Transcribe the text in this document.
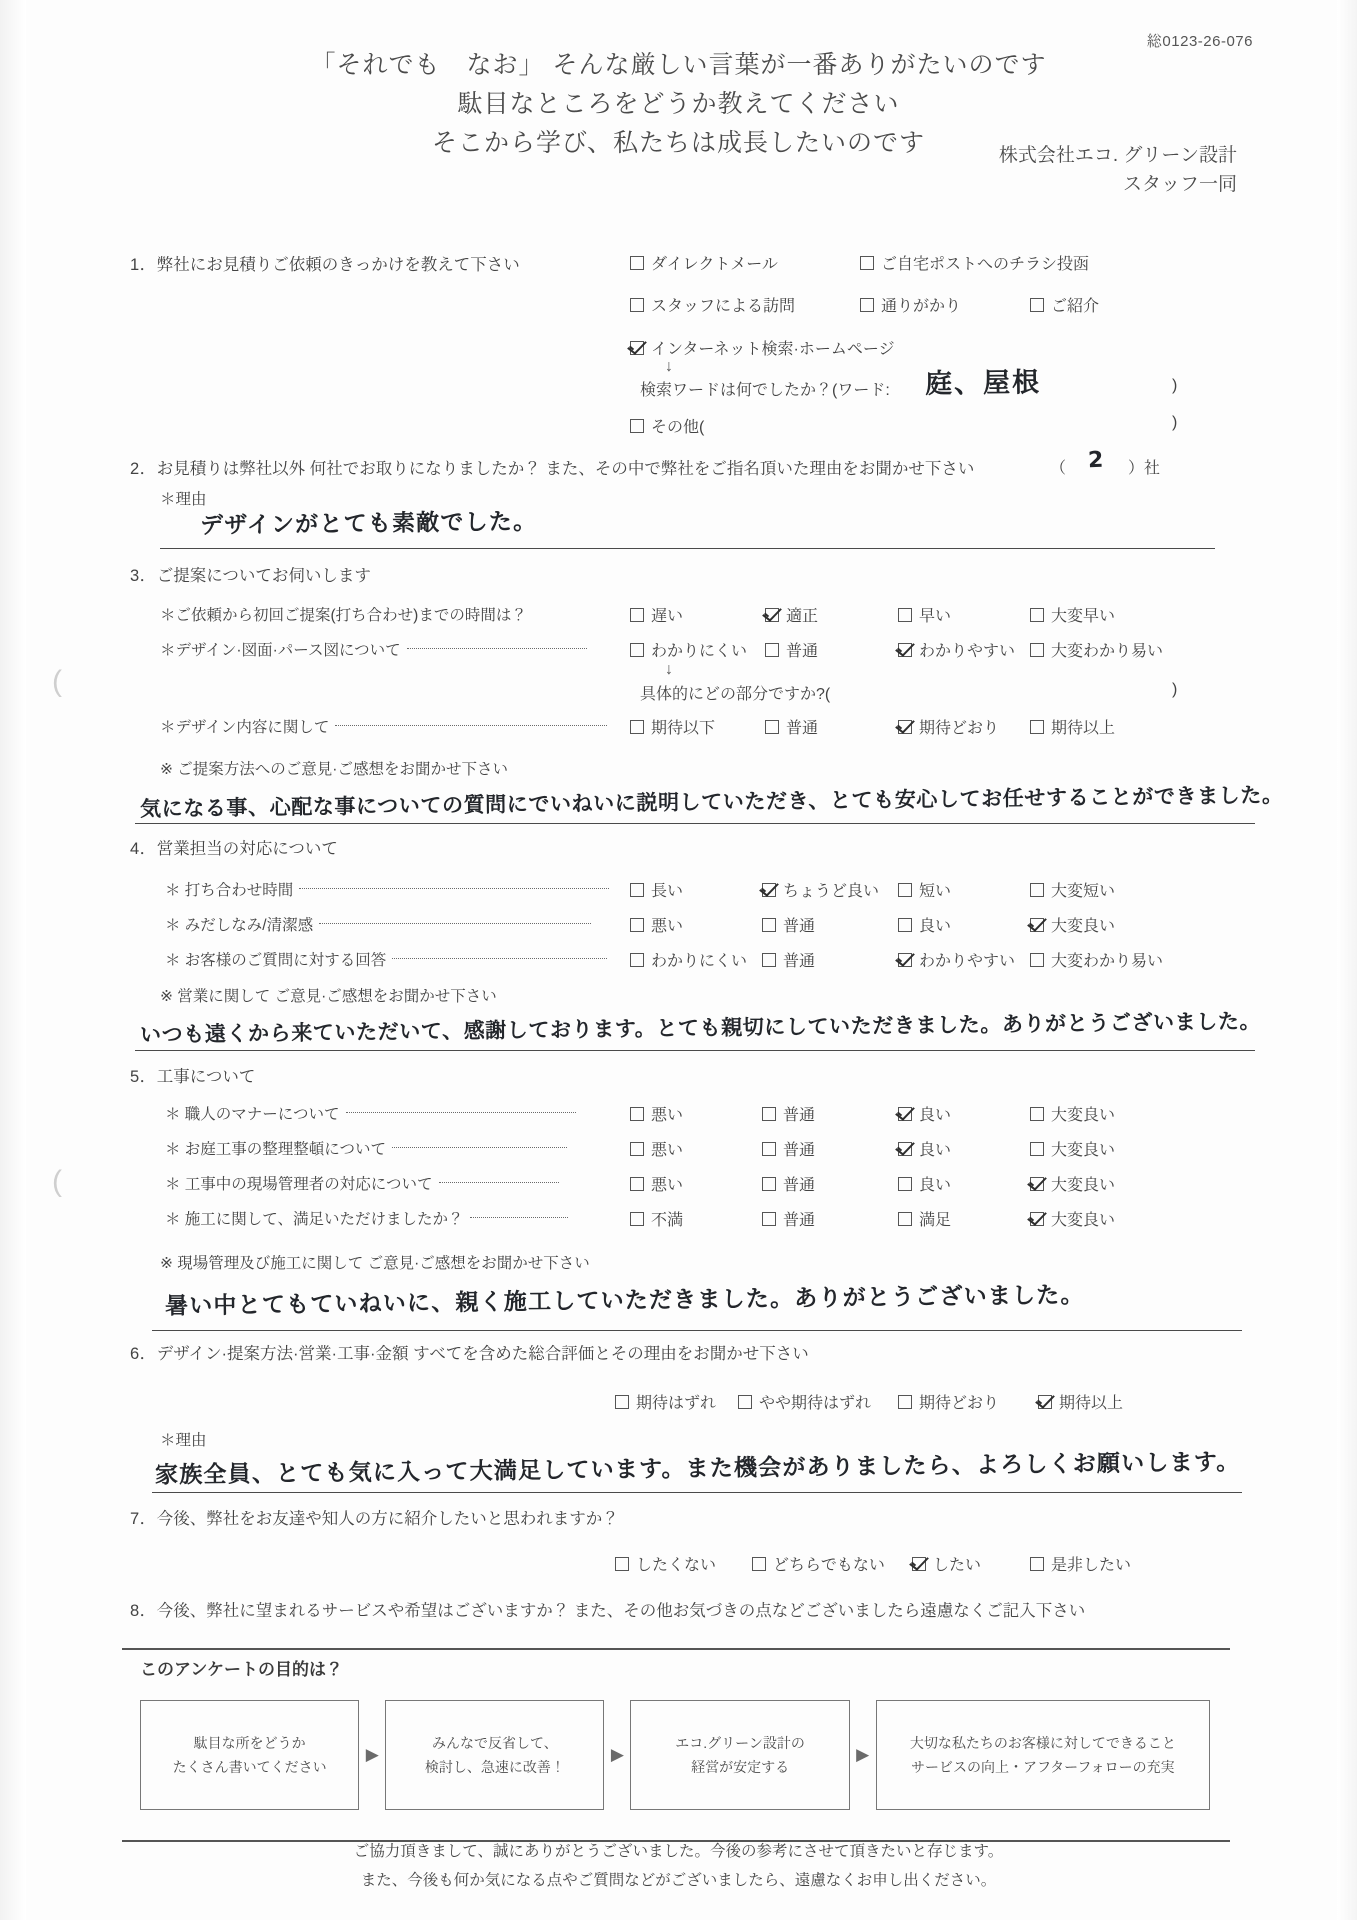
総0123-26-076
「それでも　なお」 そんな厳しい言葉が一番ありがたいのです
駄目なところをどうか教えてください
そこから学び、私たちは成長したいのです	株式会社エコ. グリーン設計
スタッフ一同
1．弊社にお見積りご依頼のきっかけを教えて下さい	ダイレクトメール	ご自宅ポストへのチラシ投函
スタッフによる訪問	通りがかり	ご紹介
インターネット検索·ホームページ
↓
検索ワードは何でしたか？(ワード: 庭、屋根	)
その他(	)
2．お見積りは弊社以外 何社でお取りになりましたか？ また、その中で弊社をご指名頂いた理由をお聞かせ下さい	（ 2 ）社
＊理由
デザインがとても素敵でした。
3．ご提案についてお伺いします
＊ご依頼から初回ご提案(打ち合わせ)までの時間は？	遅い	適正	早い	大変早い
＊デザイン·図面·パース図について	わかりにくい	普通	わかりやすい	大変わかり易い
↓
具体的にどの部分ですか?(	)
＊デザイン内容に関して	期待以下	普通	期待どおり	期待以上
※ ご提案方法へのご意見·ご感想をお聞かせ下さい
気になる事、心配な事についての質問にでいねいに説明していただき、とても安心してお任せすることができました。
4．営業担当の対応について
＊ 打ち合わせ時間	長い	ちょうど良い	短い	大変短い
＊ みだしなみ/清潔感	悪い	普通	良い	大変良い
＊ お客様のご質問に対する回答	わかりにくい	普通	わかりやすい	大変わかり易い
※ 営業に関して ご意見·ご感想をお聞かせ下さい
いつも遠くから来ていただいて、感謝しております。とても親切にしていただきました。ありがとうございました。
5．工事について
＊ 職人のマナーについて	悪い	普通	良い	大変良い
＊ お庭工事の整理整頓について	悪い	普通	良い	大変良い
＊ 工事中の現場管理者の対応について	悪い	普通	良い	大変良い
＊ 施工に関して、満足いただけましたか？	不満	普通	満足	大変良い
※ 現場管理及び施工に関して ご意見·ご感想をお聞かせ下さい
暑い中とてもていねいに、親く施工していただきました。ありがとうございました。
6．デザイン·提案方法·営業·工事·金額 すべてを含めた総合評価とその理由をお聞かせ下さい
期待はずれ	やや期待はずれ	期待どおり	期待以上
＊理由
家族全員、とても気に入って大満足しています。また機会がありましたら、よろしくお願いします。
7．今後、弊社をお友達や知人の方に紹介したいと思われますか？
したくない	どちらでもない	したい	是非したい
8．今後、弊社に望まれるサービスや希望はございますか？ また、その他お気づきの点などございましたら遠慮なくご記入下さい
(
(
このアンケートの目的は？
駄目な所をどうか
たくさん書いてください
▶
みんなで反省して、
検討し、急速に改善！
▶
エコ.グリーン設計の
経営が安定する
▶
大切な私たちのお客様に対してできること
サービスの向上・アフターフォローの充実
ご協力頂きまして、誠にありがとうございました。今後の参考にさせて頂きたいと存じます。
また、今後も何か気になる点やご質問などがございましたら、遠慮なくお申し出ください。
